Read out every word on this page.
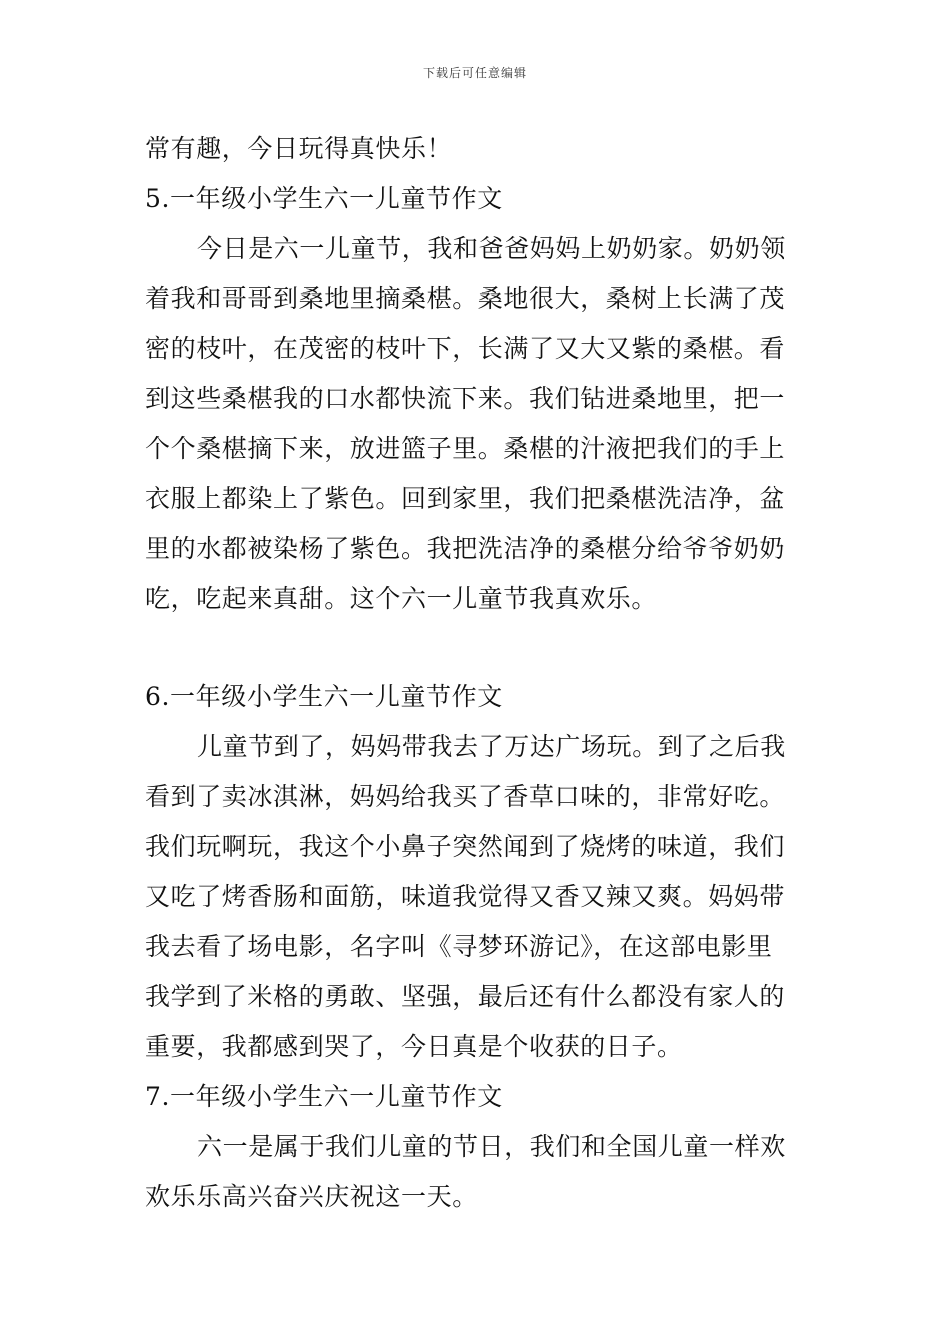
下载后可任意编辑
常有趣，今日玩得真快乐！
5.一年级小学生六一儿童节作文
今日是六一儿童节，我和爸爸妈妈上奶奶家。奶奶领
着我和哥哥到桑地里摘桑椹。桑地很大，桑树上长满了茂
密的枝叶，在茂密的枝叶下，长满了又大又紫的桑椹。看
到这些桑椹我的口水都快流下来。我们钻进桑地里，把一
个个桑椹摘下来，放进篮子里。桑椹的汁液把我们的手上
衣服上都染上了紫色。回到家里，我们把桑椹洗洁净，盆
里的水都被染杨了紫色。我把洗洁净的桑椹分给爷爷奶奶
吃，吃起来真甜。这个六一儿童节我真欢乐。
6.一年级小学生六一儿童节作文
儿童节到了，妈妈带我去了万达广场玩。到了之后我
看到了卖冰淇淋，妈妈给我买了香草口味的，非常好吃。
我们玩啊玩，我这个小鼻子突然闻到了烧烤的味道，我们
又吃了烤香肠和面筋，味道我觉得又香又辣又爽。妈妈带
我去看了场电影，名字叫《寻梦环游记》，在这部电影里
我学到了米格的勇敢、坚强，最后还有什么都没有家人的
重要，我都感到哭了，今日真是个收获的日子。
7.一年级小学生六一儿童节作文
六一是属于我们儿童的节日，我们和全国儿童一样欢
欢乐乐高兴奋兴庆祝这一天。
